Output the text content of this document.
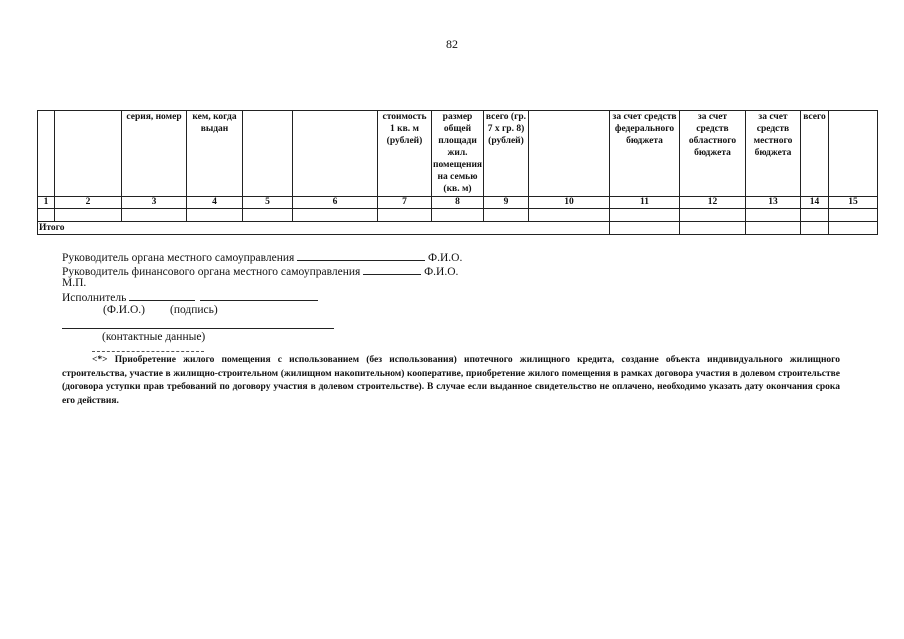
82
		серия, номер	кем, когда выдан			стоимость 1 кв. м (рублей)	размер общей площади жил. помещения на семью (кв. м)	всего (гр. 7 х гр. 8) (рублей)		за счет средств федерального бюджета	за счет средств областного бюджета	за счет средств местного бюджета	всего	
1	2	3	4	5	6	7	8	9	10	11	12	13	14	15

Итого														
Руководитель органа местного самоуправления	Ф.И.О.
Руководитель финансового органа местного самоуправления	Ф.И.О.
М.П.
Исполнитель
(Ф.И.О.) (подпись)
(контактные данные)
<*> Приобретение жилого помещения с использованием (без использования) ипотечного жилищного кредита, создание объекта индивидуального жилищного строительства, участие в жилищно-строительном (жилищном накопительном) кооперативе, приобретение жилого помещения в рамках договора участия в долевом строительстве (договора уступки прав требований по договору участия в долевом строительстве). В случае если выданное свидетельство не оплачено, необходимо указать дату окончания срока его действия.
